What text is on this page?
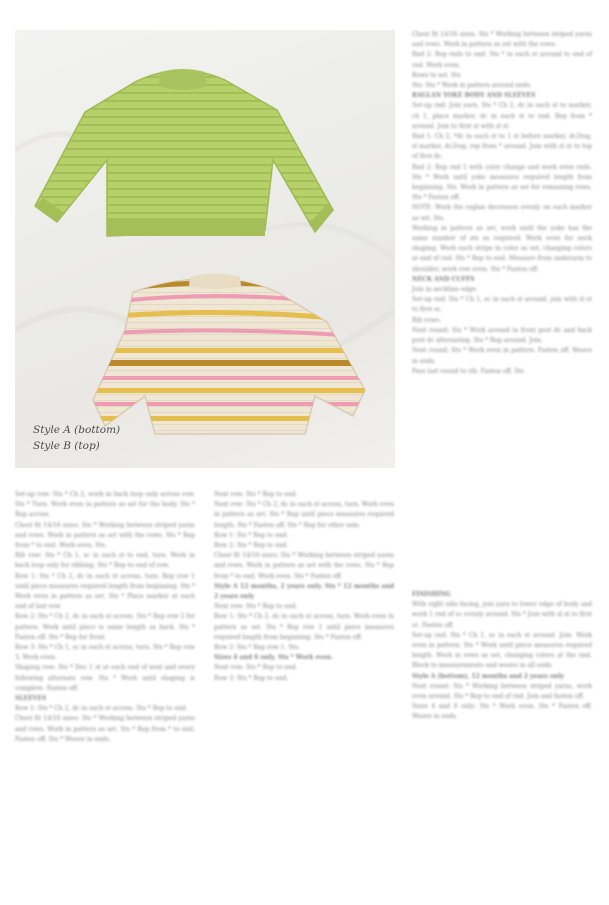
Style A (bottom)
Style B (top)

Chest fit 14/16 sizes. Sts * Working between striped yarns and rows. Work in pattern as set with the rows.

Rnd 2: Rep rnds to end. Sts * in each st around to end of rnd. Work even.

Rows to set. Sts

Sts: Sts * Work in pattern around ends.

RAGLAN YOKE BODY AND SLEEVES

Set-up rnd: Join yarn. Sts * Ch 2, dc in each st to marker, ch 1, place marker, dc in each st to end. Rep from * around. Join to first st with sl st.

Rnd 1: Ch 2, *dc in each st to 1 st before marker, dc2tog, sl marker, dc2tog; rep from * around. Join with sl st to top of first dc.

Rnd 2: Rep rnd 1 with color change and work even rnds. Sts * Work until yoke measures required length from beginning. Sts. Work in pattern as set for remaining rows. Sts * Fasten off.

NOTE: Work the raglan decreases evenly on each marker as set. Sts.

Working in pattern as set, work until the yoke has the same number of sts as required. Work even for neck shaping. Work each stripe in color as set, changing colors at end of rnd. Sts * Rep to end. Measure from underarm to shoulder, work row even. Sts * Fasten off.

NECK AND CUFFS

Join in neckline edge.

Set-up rnd: Sts * Ch 1, sc in each st around, join with sl st to first sc.

Rib rows:

Next round: Sts * Work around in front post dc and back post dc alternating. Sts * Rep around. Join.

Next round: Sts * Work even in pattern. Fasten off. Weave in ends.

Pass last round to rib. Fasten off. Sts

FINISHING

With right side facing, join yarn to lower edge of body and work 1 rnd of sc evenly around. Sts * Join with sl st to first sc. Fasten off.

Set-up rnd: Sts * Ch 1, sc in each st around. Join. Work even in pattern. Sts * Work until piece measures required length. Work in rows as set, changing colors at the end. Block to measurements and weave in all ends.

Style A (bottom), 12 months and 2 years only

Next round: Sts * Working between striped yarns, work even around. Sts * Rep to end of rnd. Join and fasten off.

Sizes 4 and 6 only: Sts * Work even. Sts * Fasten off. Weave in ends.

Set-up row: Sts * Ch 2, work in back loop only across row. Sts * Turn. Work even in pattern as set for the body. Sts * Rep across.

Chest fit 14/16 sizes: Sts * Working between striped yarns and rows. Work in pattern as set with the rows. Sts * Rep from * to end. Work even. Sts.

Rib row: Sts * Ch 1, sc in each st to end, turn. Work in back loop only for ribbing. Sts * Rep to end of row.

Row 1: Sts * Ch 2, dc in each st across, turn. Rep row 1 until piece measures required length from beginning. Sts * Work even in pattern as set. Sts * Place marker at each end of last row.

Row 2: Sts * Ch 2, dc in each st across. Sts * Rep row 2 for pattern. Work until piece is same length as back. Sts * Fasten off. Sts * Rep for front.

Row 3: Sts * Ch 1, sc in each st across, turn. Sts * Rep row 3. Work even.

Shaping row: Sts * Dec 1 st at each end of next and every following alternate row. Sts * Work until shaping is complete. Fasten off.

SLEEVES

Row 1: Sts * Ch 2, dc in each st across. Sts * Rep to end.

Chest fit 14/16 sizes: Sts * Working between striped yarns and rows. Work in pattern as set. Sts * Rep from * to end. Fasten off. Sts * Weave in ends.

Next row: Sts * Rep to end.

Next row: Sts * Ch 2, dc in each st across, turn. Work even in pattern as set. Sts * Rep until piece measures required length. Sts * Fasten off. Sts * Rep for other side.

Row 1: Sts * Rep to end.

Row 2: Sts * Rep to end.

Chest fit 14/16 sizes: Sts * Working between striped yarns and rows. Work in pattern as set with the rows. Sts * Rep from * to end. Work even. Sts * Fasten off.

Style A 12 months, 2 years only. Sts * 12 months and 2 years only

Next row: Sts * Rep to end.

Row 1: Sts * Ch 2, dc in each st across, turn. Work even in pattern as set. Sts * Rep row 1 until piece measures required length from beginning. Sts * Fasten off.

Row 2: Sts * Rep row 1. Sts.

Sizes 4 and 6 only. Sts * Work even.

Next row: Sts * Rep to end.

Row 3: Sts * Rep to end.
